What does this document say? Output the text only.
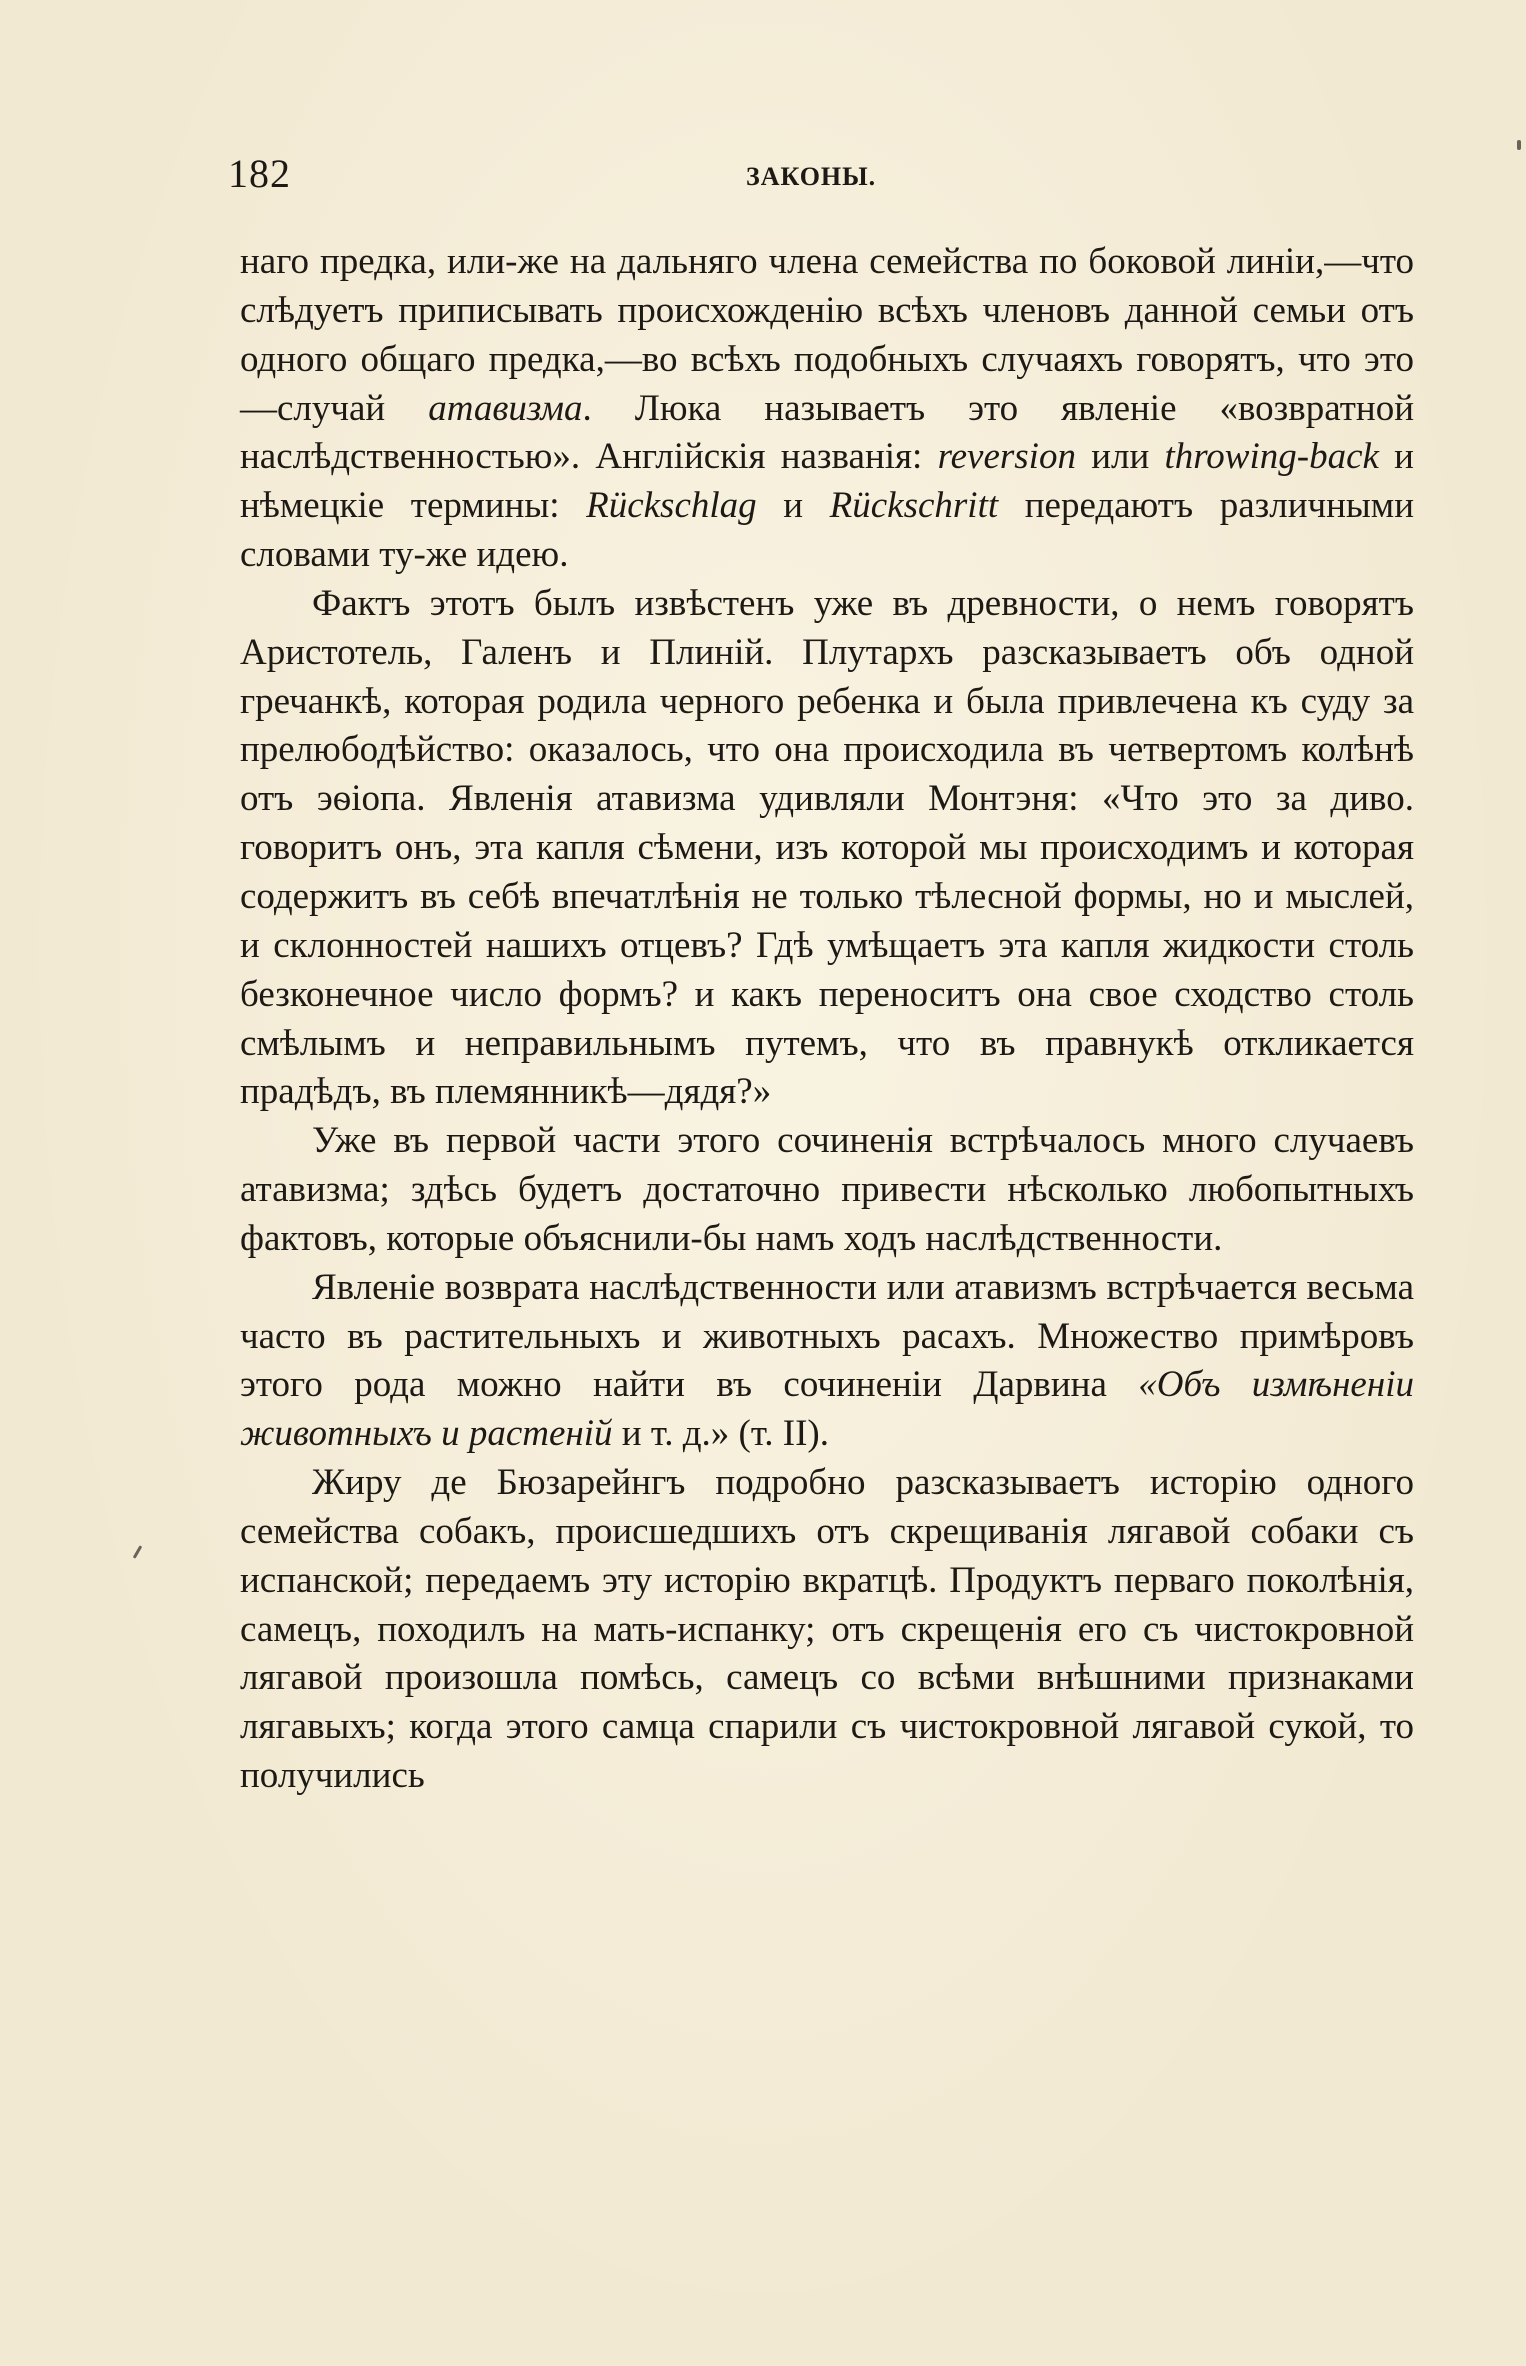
182	ЗАКОНЫ.

наго предка, или-же на дальняго члена семейства по боковой линіи,—что слѣдуетъ приписывать происхожденію всѣхъ членовъ данной семьи отъ одного общаго предка,—во всѣхъ подобныхъ случаяхъ говорятъ, что это—случай атавизма. Люка называетъ это явленіе «возвратной наслѣдственностью». Англійскія названія: reversion или throwing-back и нѣмецкіе термины: Rückschlag и Rückschritt передаютъ различными словами ту-же идею.

Фактъ этотъ былъ извѣстенъ уже въ древности, о немъ говорятъ Аристотель, Галенъ и Плиній. Плутархъ разсказываетъ объ одной гречанкѣ, которая родила черного ребенка и была привлечена къ суду за прелюбодѣйство: оказалось, что она происходила въ четвертомъ колѣнѣ отъ эѳіопа. Явленія атавизма удивляли Монтэня: «Что это за диво. говоритъ онъ, эта капля сѣмени, изъ которой мы происходимъ и которая содержитъ въ себѣ впечатлѣнія не только тѣлесной формы, но и мыслей, и склонностей нашихъ отцевъ? Гдѣ умѣщаетъ эта капля жидкости столь безконечное число формъ? и какъ переноситъ она свое сходство столь смѣлымъ и неправильнымъ путемъ, что въ правнукѣ откликается прадѣдъ, въ племянникѣ—дядя?»

Уже въ первой части этого сочиненія встрѣчалось много случаевъ атавизма; здѣсь будетъ достаточно привести нѣсколько любопытныхъ фактовъ, которые объяснили-бы намъ ходъ наслѣдственности.

Явленіе возврата наслѣдственности или атавизмъ встрѣчается весьма часто въ растительныхъ и животныхъ расахъ. Множество примѣровъ этого рода можно найти въ сочиненіи Дарвина «Объ измѣненіи животныхъ и растеній и т. д.» (т. II).

Жиру де Бюзарейнгъ подробно разсказываетъ исторію одного семейства собакъ, происшедшихъ отъ скрещиванія лягавой собаки съ испанской; передаемъ эту исторію вкратцѣ. Продуктъ перваго поколѣнія, самецъ, походилъ на мать-испанку; отъ скрещенія его съ чистокровной лягавой произошла помѣсь, самецъ со всѣми внѣшними признаками лягавыхъ; когда этого самца спарили съ чистокровной лягавой сукой, то получились
